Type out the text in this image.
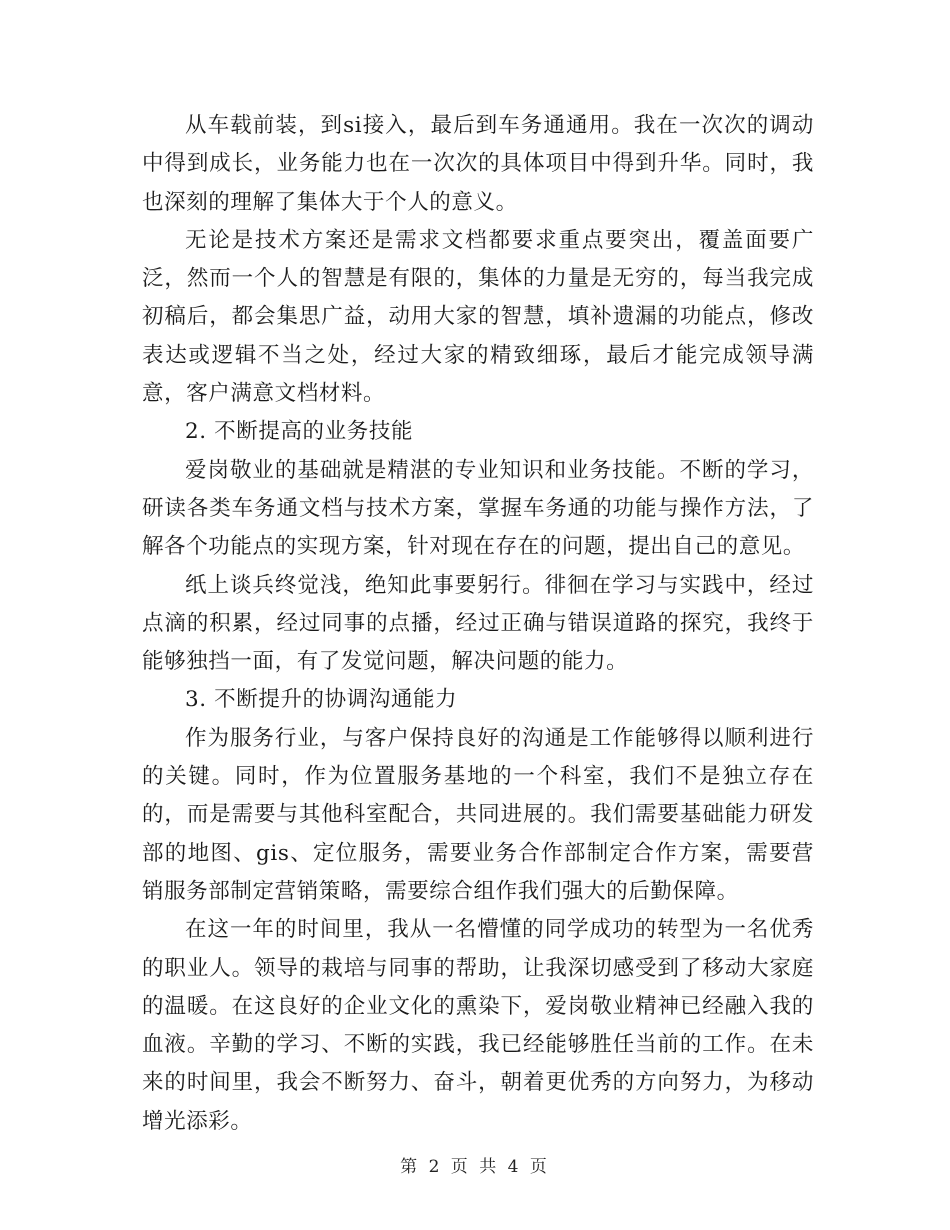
从车载前装，到si接入，最后到车务通通用。我在一次次的调动中得到成长，业务能力也在一次次的具体项目中得到升华。同时，我也深刻的理解了集体大于个人的意义。

无论是技术方案还是需求文档都要求重点要突出，覆盖面要广泛，然而一个人的智慧是有限的，集体的力量是无穷的，每当我完成初稿后，都会集思广益，动用大家的智慧，填补遗漏的功能点，修改表达或逻辑不当之处，经过大家的精致细琢，最后才能完成领导满意，客户满意文档材料。

2. 不断提高的业务技能

爱岗敬业的基础就是精湛的专业知识和业务技能。不断的学习，研读各类车务通文档与技术方案，掌握车务通的功能与操作方法，了解各个功能点的实现方案，针对现在存在的问题，提出自己的意见。

纸上谈兵终觉浅，绝知此事要躬行。徘徊在学习与实践中，经过点滴的积累，经过同事的点播，经过正确与错误道路的探究，我终于能够独挡一面，有了发觉问题，解决问题的能力。

3. 不断提升的协调沟通能力

作为服务行业，与客户保持良好的沟通是工作能够得以顺利进行的关键。同时，作为位置服务基地的一个科室，我们不是独立存在的，而是需要与其他科室配合，共同进展的。我们需要基础能力研发部的地图、gis、定位服务，需要业务合作部制定合作方案，需要营销服务部制定营销策略，需要综合组作我们强大的后勤保障。

在这一年的时间里，我从一名懵懂的同学成功的转型为一名优秀的职业人。领导的栽培与同事的帮助，让我深切感受到了移动大家庭的温暖。在这良好的企业文化的熏染下，爱岗敬业精神已经融入我的血液。辛勤的学习、不断的实践，我已经能够胜任当前的工作。在未来的时间里，我会不断努力、奋斗，朝着更优秀的方向努力，为移动增光添彩。

第 2 页 共 4 页
